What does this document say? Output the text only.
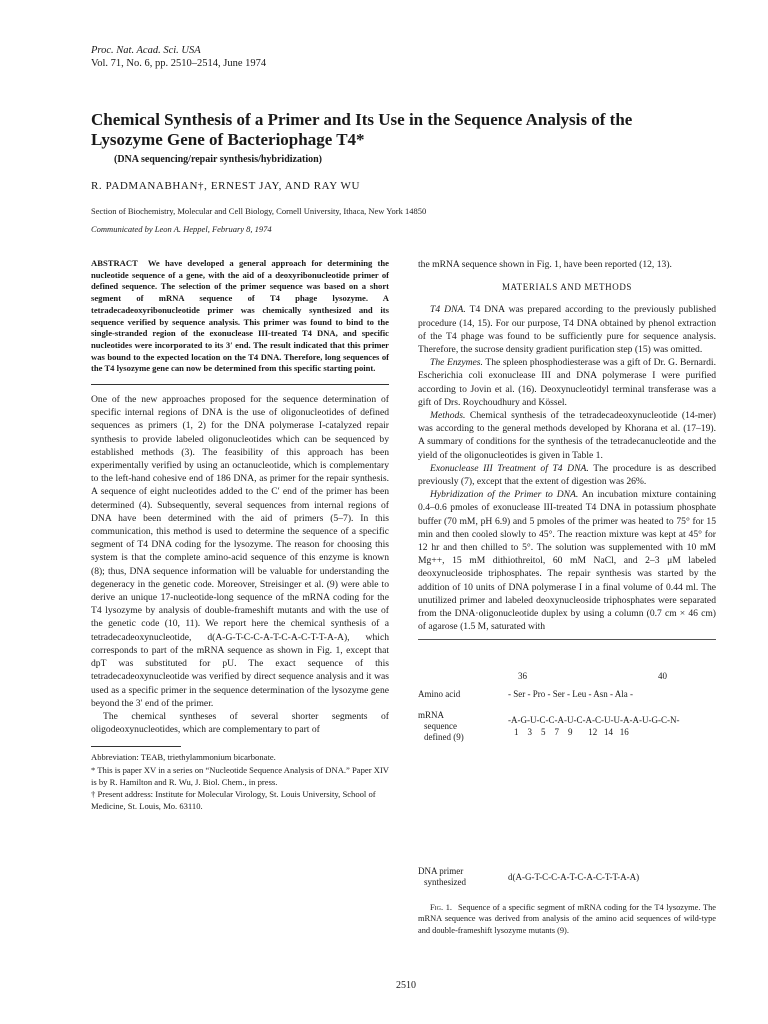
Proc. Nat. Acad. Sci. USA
Vol. 71, No. 6, pp. 2510–2514, June 1974
Chemical Synthesis of a Primer and Its Use in the Sequence Analysis of the Lysozyme Gene of Bacteriophage T4*
(DNA sequencing/repair synthesis/hybridization)
R. PADMANABHAN†, ERNEST JAY, AND RAY WU
Section of Biochemistry, Molecular and Cell Biology, Cornell University, Ithaca, New York 14850
Communicated by Leon A. Heppel, February 8, 1974

ABSTRACT We have developed a general approach for determining the nucleotide sequence of a gene, with the aid of a deoxyribonucleotide primer of defined sequence. The selection of the primer sequence was based on a short segment of mRNA sequence of T4 phage lysozyme. A tetradecadeoxyribonucleotide primer was chemically synthesized and its sequence verified by sequence analysis. This primer was found to bind to the single-stranded region of the exonuclease III-treated T4 DNA, and specific nucleotides were incorporated to its 3′ end. The result indicated that this primer was bound to the expected location on the T4 DNA. Therefore, long sequences of the T4 lysozyme gene can now be determined from this specific starting point.

One of the new approaches proposed for the sequence determination of specific internal regions of DNA is the use of oligonucleotides of defined sequences as primers (1, 2) for the DNA polymerase I-catalyzed repair synthesis to provide labeled oligonucleotides which can be sequenced by established methods (3). The feasibility of this approach has been experimentally verified by using an octanucleotide, which is complementary to the left-hand cohesive end of 186 DNA, as primer for the repair synthesis. A sequence of eight nucleotides added to the C′ end of the primer has been determined (4). Subsequently, several sequences from internal regions of DNA have been determined with the aid of primers (5–7). In this communication, this method is used to determine the sequence of a specific segment of T4 DNA coding for the lysozyme. The reason for choosing this system is that the complete amino-acid sequence of this enzyme is known (8); thus, DNA sequence information will be valuable for understanding the degeneracy in the genetic code. Moreover, Streisinger et al. (9) were able to derive an unique 17-nucleotide-long sequence of the mRNA coding for the T4 lysozyme by analysis of double-frameshift mutants and with the use of the genetic code (10, 11). We report here the chemical synthesis of a tetradecadeoxynucleotide, d(A-G-T-C-C-A-T-C-A-C-T-T-A-A), which corresponds to part of the mRNA sequence as shown in Fig. 1, except that dpT was substituted for pU. The exact sequence of this tetradecadeoxynucleotide was verified by direct sequence analysis and it was used as a specific primer in the sequence determination of the lysozyme gene beyond the 3′ end of the primer.

The chemical syntheses of several shorter segments of oligodeoxynucleotides, which are complementary to part of

Abbreviation: TEAB, triethylammonium bicarbonate.

* This is paper XV in a series on “Nucleotide Sequence Analysis of DNA.” Paper XIV is by R. Hamilton and R. Wu, J. Biol. Chem., in press.

† Present address: Institute for Molecular Virology, St. Louis University, School of Medicine, St. Louis, Mo. 63110.

the mRNA sequence shown in Fig. 1, have been reported (12, 13).

MATERIALS AND METHODS

T4 DNA. T4 DNA was prepared according to the previously published procedure (14, 15). For our purpose, T4 DNA obtained by phenol extraction of the T4 phage was found to be sufficiently pure for sequence analysis. Therefore, the sucrose density gradient purification step (15) was omitted.

The Enzymes. The spleen phosphodiesterase was a gift of Dr. G. Bernardi. Escherichia coli exonuclease III and DNA polymerase I were purified according to Jovin et al. (16). Deoxynucleotidyl terminal transferase was a gift of Drs. Roychoudhury and Kössel.

Methods. Chemical synthesis of the tetradecadeoxynucleotide (14-mer) was according to the general methods developed by Khorana et al. (17–19). A summary of conditions for the synthesis of the tetradecanucleotide and the yield of the oligonucleotides is given in Table 1.

Exonuclease III Treatment of T4 DNA. The procedure is as described previously (7), except that the extent of digestion was 26%.

Hybridization of the Primer to DNA. An incubation mixture containing 0.4–0.6 pmoles of exonuclease III-treated T4 DNA in potassium phosphate buffer (70 mM, pH 6.9) and 5 pmoles of the primer was heated to 75° for 15 min and then cooled slowly to 45°. The reaction mixture was kept at 45° for 12 hr and then chilled to 5°. The solution was supplemented with 10 mM Mg++, 15 mM dithiothreitol, 60 mM NaCl, and 2–3 μM labeled deoxynucleoside triphosphates. The repair synthesis was started by the addition of 10 units of DNA polymerase I in a final volume of 0.44 ml. The unutilized primer and labeled deoxynucleoside triphosphates were separated from the DNA·oligonucleotide duplex by using a column (0.7 cm × 46 cm) of agarose (1.5 M, saturated with

36	40
Amino acid	- Ser - Pro - Ser - Leu - Asn - Ala -
mRNA
sequence
defined (9)
-A-G-U-C-C-A-U-C-A-C-U-U-A-A-U-G-C-N-
1    3    5    7    9       12   14   16
DNA primer
synthesized	d(A-G-T-C-C-A-T-C-A-C-T-T-A-A)
Fig. 1. Sequence of a specific segment of mRNA coding for the T4 lysozyme. The mRNA sequence was derived from analysis of the amino acid sequences of wild-type and double-frameshift lysozyme mutants (9).
2510
